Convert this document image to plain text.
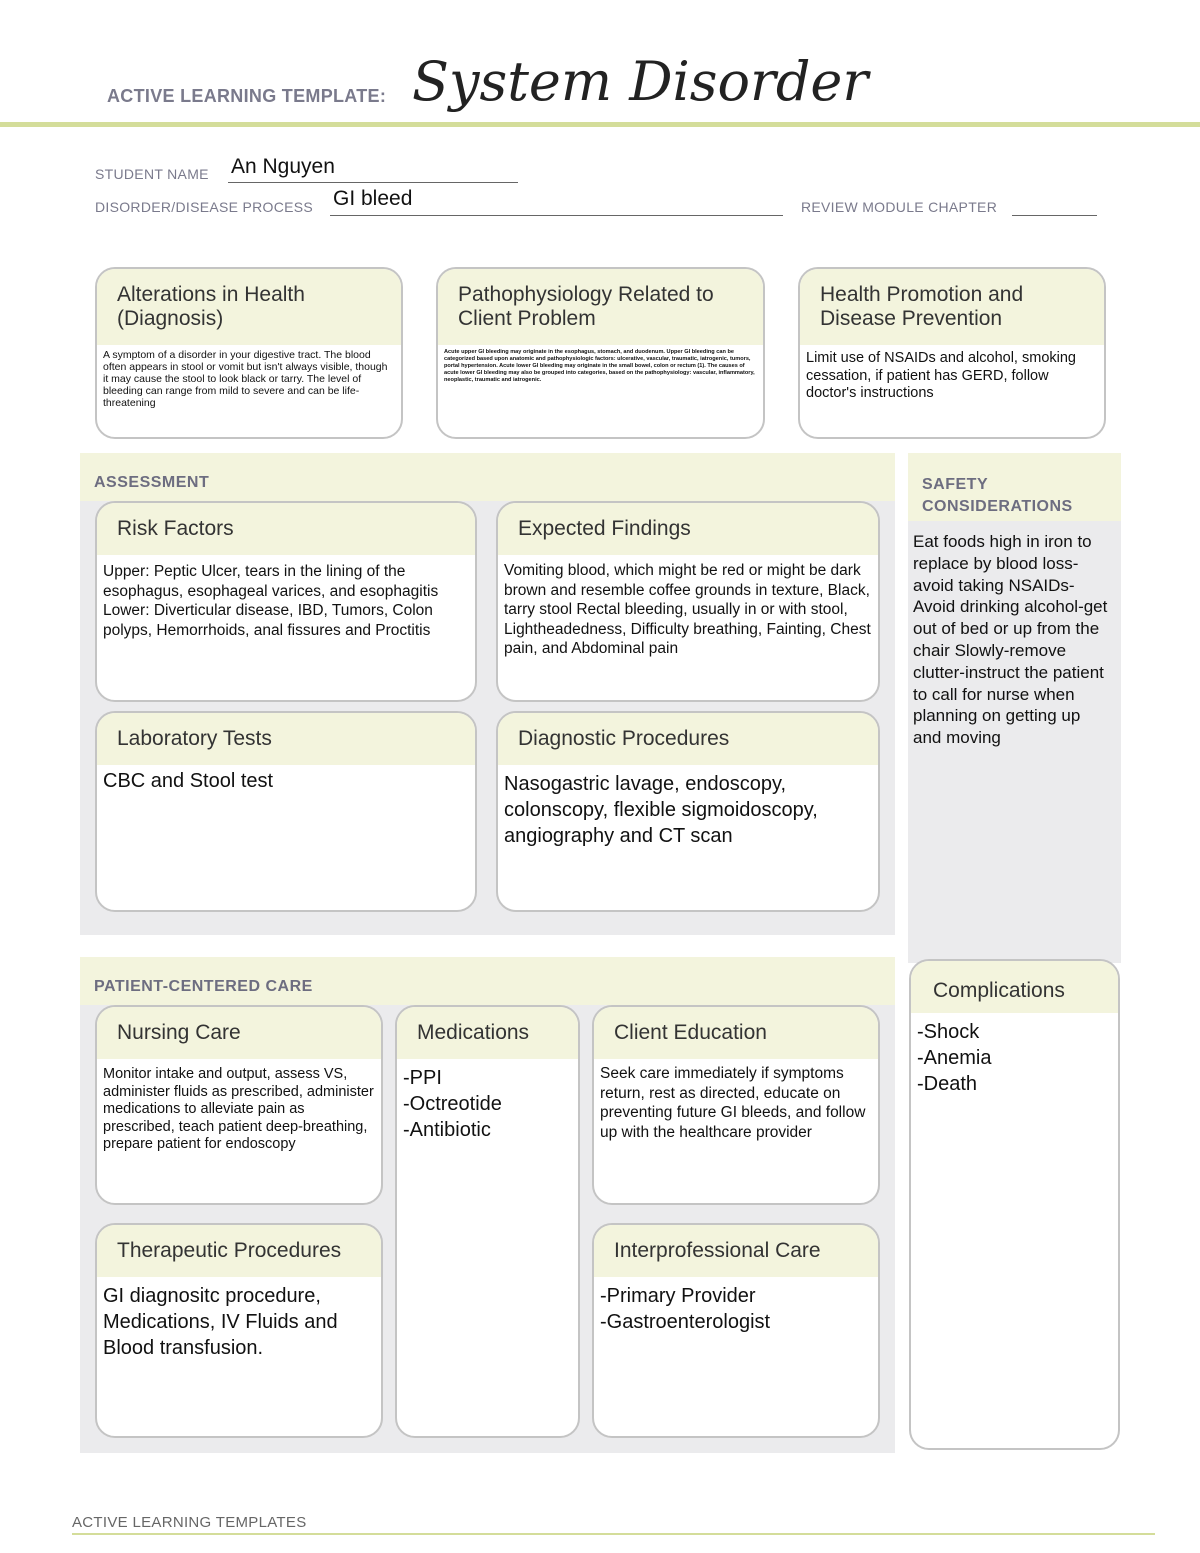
ACTIVE LEARNING TEMPLATE: System Disorder
STUDENT NAME An Nguyen
DISORDER/DISEASE PROCESS GI bleed	REVIEW MODULE CHAPTER
Alterations in Health (Diagnosis)
A symptom of a disorder in your digestive tract. The blood often appears in stool or vomit but isn't always visible, though it may cause the stool to look black or tarry. The level of bleeding can range from mild to severe and can be life-threatening
Pathophysiology Related to Client Problem
Acute upper GI bleeding may originate in the esophagus, stomach, and duodenum. Upper GI bleeding can be categorized based upon anatomic and pathophysiologic factors: ulcerative, vascular, traumatic, iatrogenic, tumors, portal hypertension. Acute lower GI bleeding may originate in the small bowel, colon or rectum (1). The causes of acute lower GI bleeding may also be grouped into categories, based on the pathophysiology: vascular, inflammatory, neoplastic, traumatic and iatrogenic.
Health Promotion and Disease Prevention
Limit use of NSAIDs and alcohol, smoking cessation, if patient has GERD, follow doctor's instructions
ASSESSMENT
Risk Factors
Upper: Peptic Ulcer, tears in the lining of the esophagus, esophageal varices, and esophagitis
Lower: Diverticular disease, IBD, Tumors, Colon polyps, Hemorrhoids, anal fissures and Proctitis
Expected Findings
Vomiting blood, which might be red or might be dark brown and resemble coffee grounds in texture, Black, tarry stool Rectal bleeding, usually in or with stool, Lightheadedness, Difficulty breathing, Fainting, Chest pain, and Abdominal pain
Laboratory Tests
CBC and Stool test
Diagnostic Procedures
Nasogastric lavage, endoscopy, colonscopy, flexible sigmoidoscopy, angiography and CT scan
SAFETY CONSIDERATIONS
Eat foods high in iron to replace by blood loss-avoid taking NSAIDs-Avoid drinking alcohol-get out of bed or up from the chair Slowly-remove clutter-instruct the patient to call for nurse when planning on getting up and moving
Complications
-Shock
-Anemia
-Death
PATIENT-CENTERED CARE
Nursing Care
Monitor intake and output, assess VS, administer fluids as prescribed, administer medications to alleviate pain as prescribed, teach patient deep-breathing, prepare patient for endoscopy
Medications
-PPI
-Octreotide
-Antibiotic
Client Education
Seek care immediately if symptoms return, rest as directed, educate on preventing future GI bleeds, and follow up with the healthcare provider
Therapeutic Procedures
GI diagnositc procedure, Medications, IV Fluids and Blood transfusion.
Interprofessional Care
-Primary Provider
-Gastroenterologist
ACTIVE LEARNING TEMPLATES
